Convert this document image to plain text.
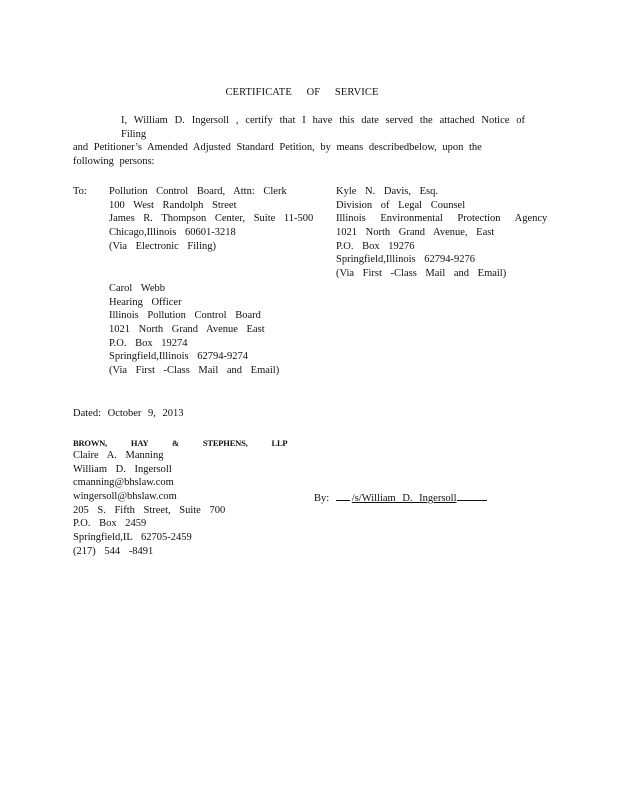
CERTIFICATE OF SERVICE
I, William D. Ingersoll , certify that I have this date served the attached Notice of Filing
and Petitioner’s Amended Adjusted Standard Petition, by means describedbelow, upon the
following persons:
To: Pollution Control Board, Attn: Clerk
100 West Randolph Street
James R. Thompson Center, Suite 11-500
Chicago,Illinois 60601-3218
(Via Electronic Filing)
Kyle N. Davis, Esq.
Division of Legal Counsel
Illinois Environmental Protection Agency
1021 North Grand Avenue, East
P.O. Box 19276
Springfield,Illinois 62794-9276
(Via First -Class Mail and Email)
Carol Webb
Hearing Officer
Illinois Pollution Control Board
1021 North Grand Avenue East
P.O. Box 19274
Springfield,Illinois 62794-9274
(Via First -Class Mail and Email)
Dated: October 9, 2013
BROWN, HAY & STEPHENS, LLP
Claire A. Manning
William D. Ingersoll
cmanning@bhslaw.com
wingersoll@bhslaw.com
205 S. Fifth Street, Suite 700
P.O. Box 2459
Springfield,IL 62705-2459
(217) 544 -8491
By: /s/William D. Ingersoll
